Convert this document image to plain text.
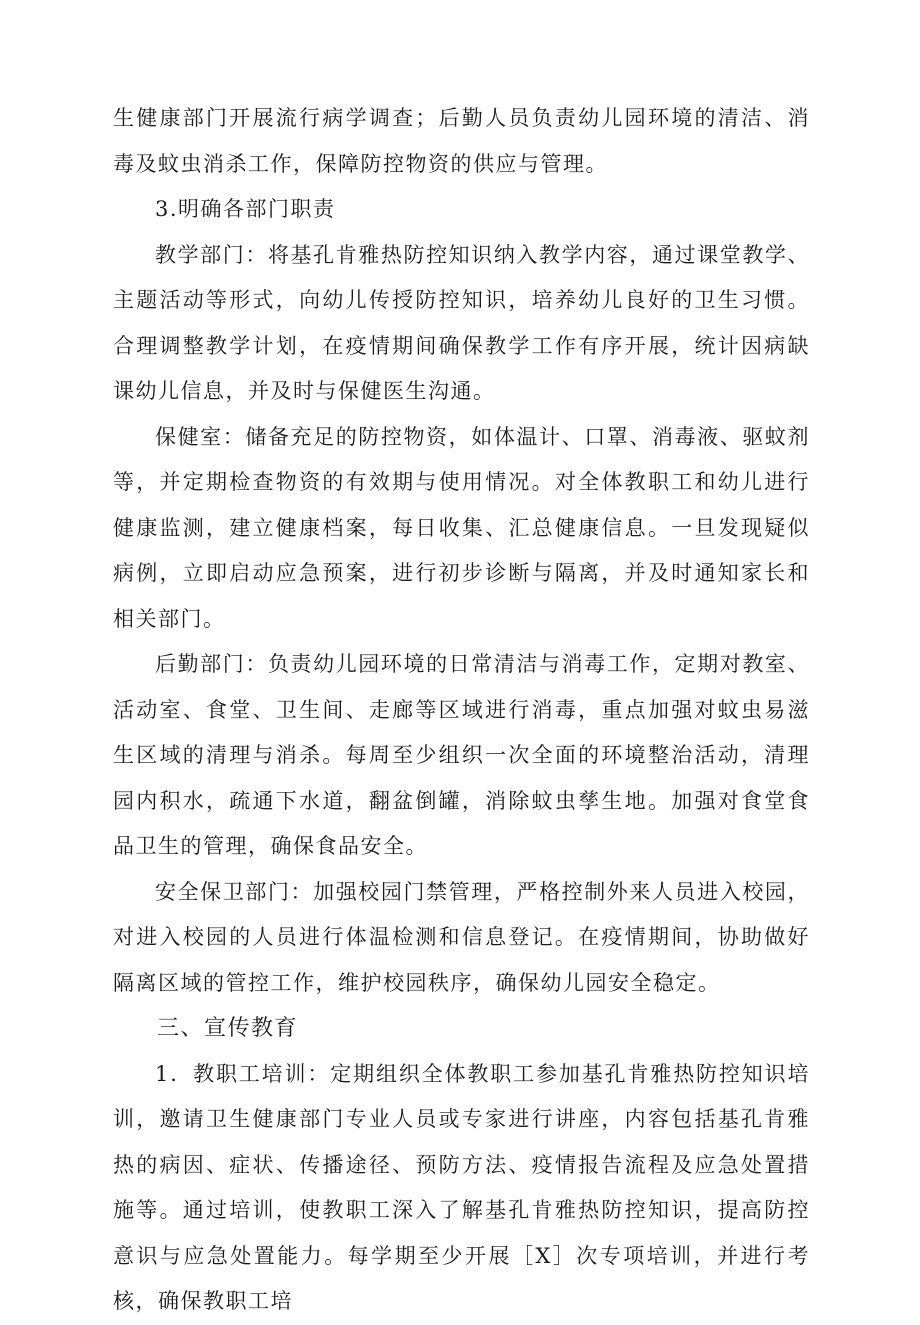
生健康部门开展流行病学调查；后勤人员负责幼儿园环境的清洁、消毒及蚊虫消杀工作，保障防控物资的供应与管理。

3.明确各部门职责

教学部门：将基孔肯雅热防控知识纳入教学内容，通过课堂教学、主题活动等形式，向幼儿传授防控知识，培养幼儿良好的卫生习惯。合理调整教学计划，在疫情期间确保教学工作有序开展，统计因病缺课幼儿信息，并及时与保健医生沟通。

保健室：储备充足的防控物资，如体温计、口罩、消毒液、驱蚊剂等，并定期检查物资的有效期与使用情况。对全体教职工和幼儿进行健康监测，建立健康档案，每日收集、汇总健康信息。一旦发现疑似病例，立即启动应急预案，进行初步诊断与隔离，并及时通知家长和相关部门。

后勤部门：负责幼儿园环境的日常清洁与消毒工作，定期对教室、活动室、食堂、卫生间、走廊等区域进行消毒，重点加强对蚊虫易滋生区域的清理与消杀。每周至少组织一次全面的环境整治活动，清理园内积水，疏通下水道，翻盆倒罐，消除蚊虫孳生地。加强对食堂食品卫生的管理，确保食品安全。

安全保卫部门：加强校园门禁管理，严格控制外来人员进入校园，对进入校园的人员进行体温检测和信息登记。在疫情期间，协助做好隔离区域的管控工作，维护校园秩序，确保幼儿园安全稳定。

三、宣传教育

1．教职工培训：定期组织全体教职工参加基孔肯雅热防控知识培训，邀请卫生健康部门专业人员或专家进行讲座，内容包括基孔肯雅热的病因、症状、传播途径、预防方法、疫情报告流程及应急处置措施等。通过培训，使教职工深入了解基孔肯雅热防控知识，提高防控意识与应急处置能力。每学期至少开展［X］次专项培训，并进行考核，确保教职工培
